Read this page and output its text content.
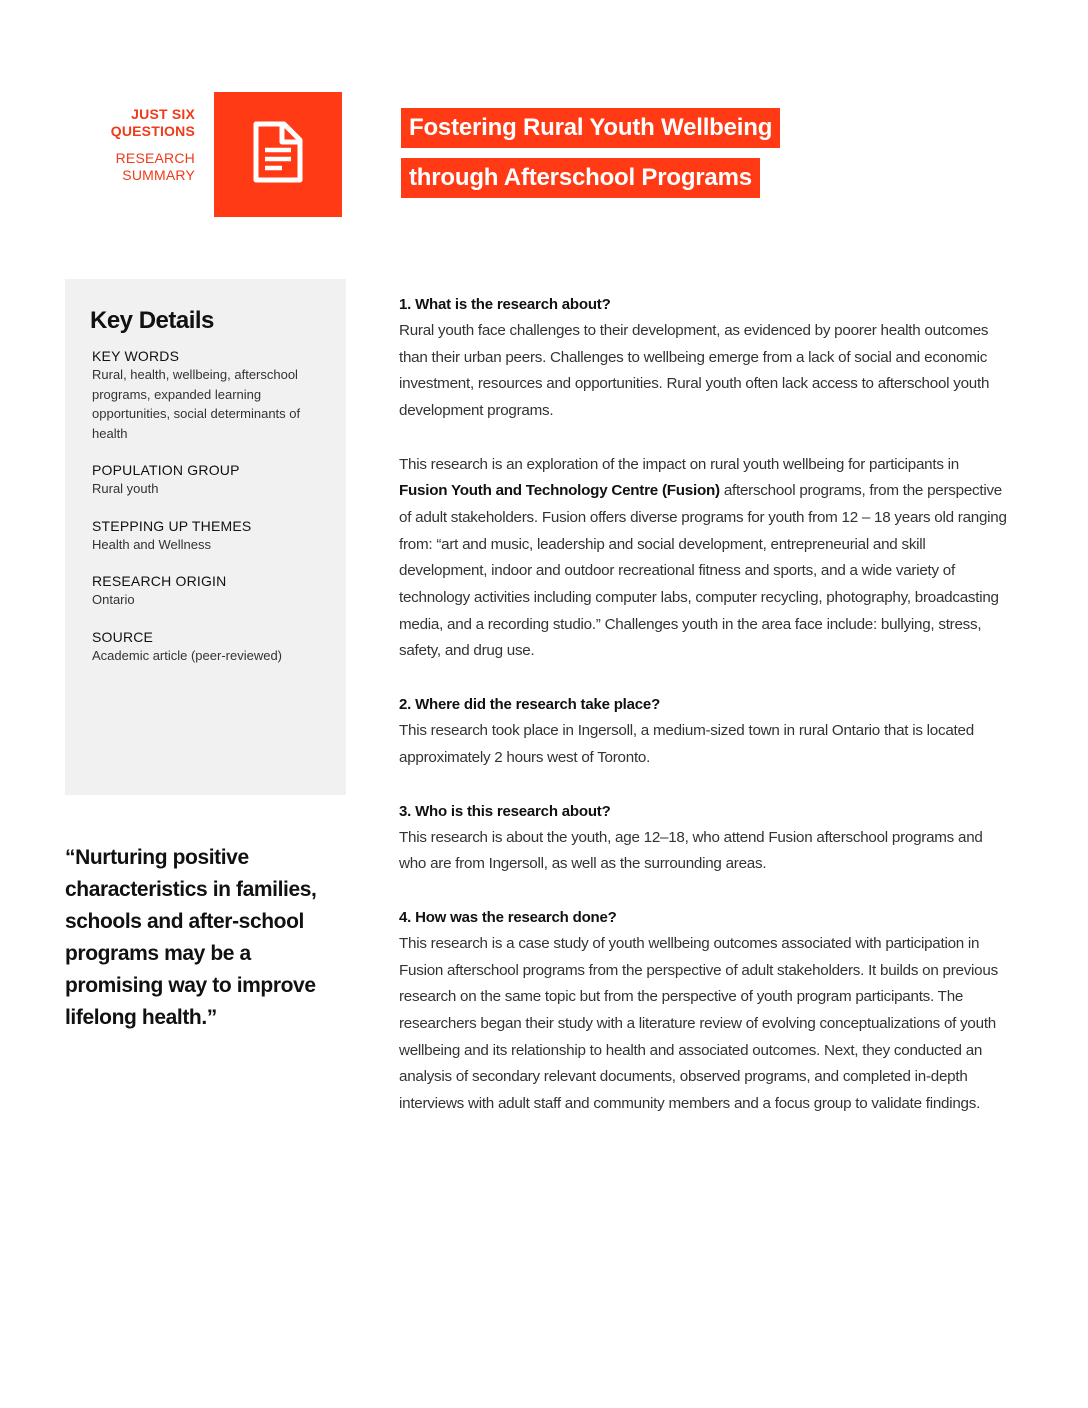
JUST SIX
QUESTIONS
RESEARCH
SUMMARY
Fostering Rural Youth Wellbeing
through Afterschool Programs
Key Details
KEY WORDS
Rural, health, wellbeing, afterschool programs, expanded learning opportunities, social determinants of health
POPULATION GROUP
Rural youth
STEPPING UP THEMES
Health and Wellness
RESEARCH ORIGIN
Ontario
SOURCE
Academic article (peer-reviewed)
“Nurturing positive characteristics in families, schools and after-school programs may be a promising way to improve lifelong health.”

1. What is the research about?

Rural youth face challenges to their development, as evidenced by poorer health outcomes than their urban peers. Challenges to wellbeing emerge from a lack of social and economic investment, resources and opportunities. Rural youth often lack access to afterschool youth development programs.

This research is an exploration of the impact on rural youth wellbeing for participants in Fusion Youth and Technology Centre (Fusion) afterschool programs, from the perspective of adult stakeholders. Fusion offers diverse programs for youth from 12 – 18 years old ranging from: “art and music, leadership and social development, entrepreneurial and skill development, indoor and outdoor recreational fitness and sports, and a wide variety of technology activities including computer labs, computer recycling, photography, broadcasting media, and a recording studio.” Challenges youth in the area face include: bullying, stress, safety, and drug use.

2. Where did the research take place?

This research took place in Ingersoll, a medium-sized town in rural Ontario that is located approximately 2 hours west of Toronto.

3. Who is this research about?

This research is about the youth, age 12–18, who attend Fusion afterschool programs and who are from Ingersoll, as well as the surrounding areas.

4. How was the research done?

This research is a case study of youth wellbeing outcomes associated with participation in Fusion afterschool programs from the perspective of adult stakeholders. It builds on previous research on the same topic but from the perspective of youth program participants. The researchers began their study with a literature review of evolving conceptualizations of youth wellbeing and its relationship to health and associated outcomes. Next, they conducted an analysis of secondary relevant documents, observed programs, and completed in-depth interviews with adult staff and community members and a focus group to validate findings.
